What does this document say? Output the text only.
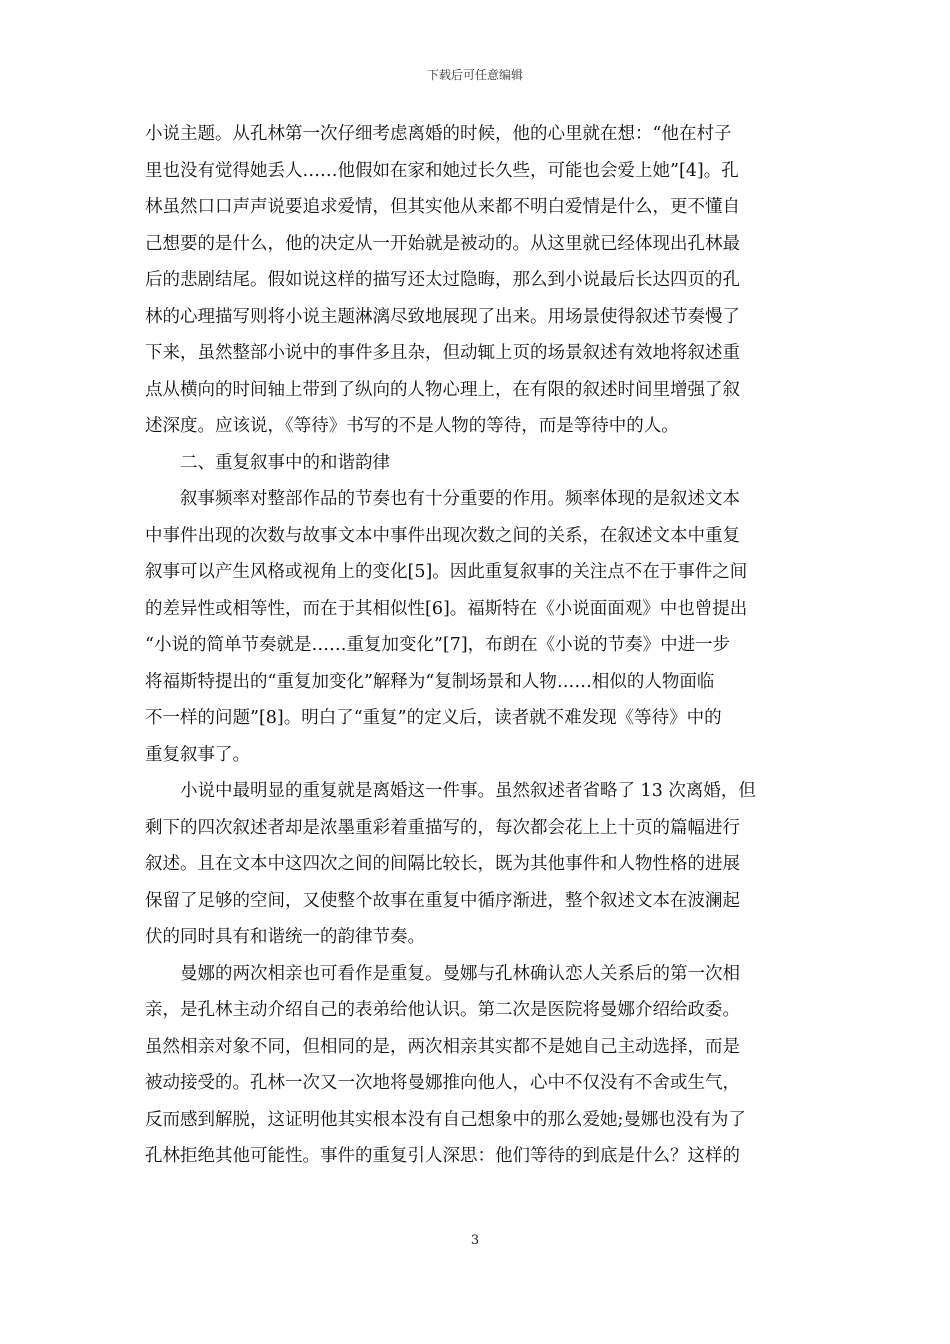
下载后可任意编辑

小说主题。从孔林第一次仔细考虑离婚的时候，他的心里就在想：“他在村子
里也没有觉得她丢人……他假如在家和她过长久些，可能也会爱上她”[4]。孔
林虽然口口声声说要追求爱情，但其实他从来都不明白爱情是什么，更不懂自
己想要的是什么，他的决定从一开始就是被动的。从这里就已经体现出孔林最
后的悲剧结尾。假如说这样的描写还太过隐晦，那么到小说最后长达四页的孔
林的心理描写则将小说主题淋漓尽致地展现了出来。用场景使得叙述节奏慢了
下来，虽然整部小说中的事件多且杂，但动辄上页的场景叙述有效地将叙述重
点从横向的时间轴上带到了纵向的人物心理上，在有限的叙述时间里增强了叙
述深度。应该说，《等待》书写的不是人物的等待，而是等待中的人。

二、重复叙事中的和谐韵律

叙事频率对整部作品的节奏也有十分重要的作用。频率体现的是叙述文本
中事件出现的次数与故事文本中事件出现次数之间的关系，在叙述文本中重复
叙事可以产生风格或视角上的变化[5]。因此重复叙事的关注点不在于事件之间
的差异性或相等性，而在于其相似性[6]。福斯特在《小说面面观》中也曾提出
“小说的简单节奏就是……重复加变化”[7]，布朗在《小说的节奏》中进一步
将福斯特提出的“重复加变化”解释为“复制场景和人物……相似的人物面临
不一样的问题”[8]。明白了“重复”的定义后，读者就不难发现《等待》中的
重复叙事了。

小说中最明显的重复就是离婚这一件事。虽然叙述者省略了 13 次离婚，但
剩下的四次叙述者却是浓墨重彩着重描写的，每次都会花上上十页的篇幅进行
叙述。且在文本中这四次之间的间隔比较长，既为其他事件和人物性格的进展
保留了足够的空间，又使整个故事在重复中循序渐进，整个叙述文本在波澜起
伏的同时具有和谐统一的韵律节奏。

曼娜的两次相亲也可看作是重复。曼娜与孔林确认恋人关系后的第一次相
亲，是孔林主动介绍自己的表弟给他认识。第二次是医院将曼娜介绍给政委。
虽然相亲对象不同，但相同的是，两次相亲其实都不是她自己主动选择，而是
被动接受的。孔林一次又一次地将曼娜推向他人，心中不仅没有不舍或生气，
反而感到解脱，这证明他其实根本没有自己想象中的那么爱她;曼娜也没有为了
孔林拒绝其他可能性。事件的重复引人深思：他们等待的到底是什么？这样的

3
